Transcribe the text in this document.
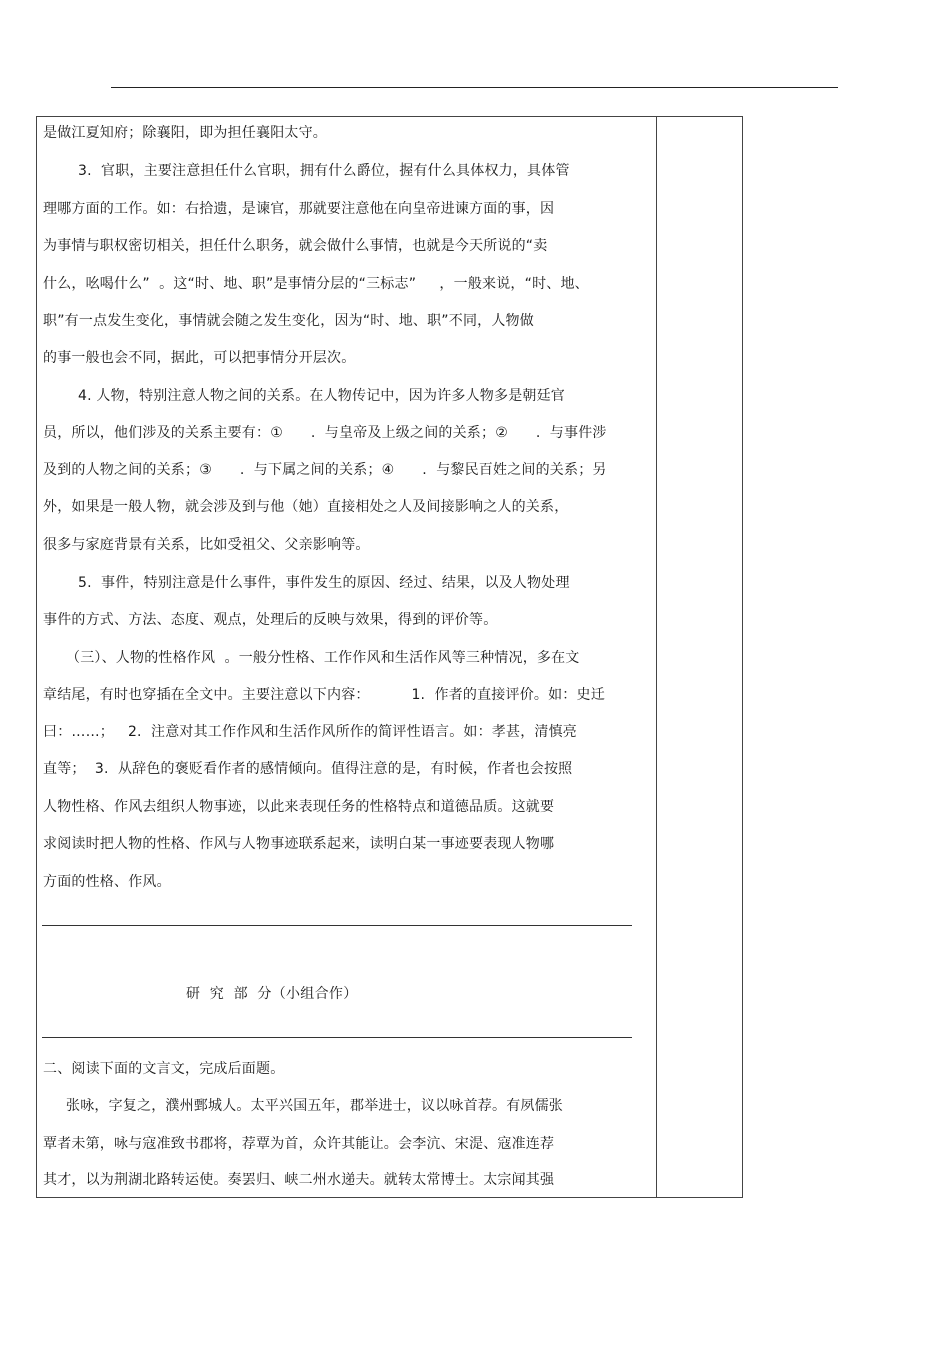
是做江夏知府；除襄阳，即为担任襄阳太守。
3.  官职，主要注意担任什么官职，拥有什么爵位，握有什么具体权力，具体管
理哪方面的工作。如：右拾遗，是谏官，那就要注意他在向皇帝进谏方面的事，因
为事情与职权密切相关，担任什么职务，就会做什么事情，也就是今天所说的“卖
什么，吆喝什么”  。这“时、地、职”是事情分层的“三标志”     ，一般来说，“时、地、
职”有一点发生变化，事情就会随之发生变化，因为“时、地、职”不同，人物做
的事一般也会不同，据此，可以把事情分开层次。
4. 人物，特别注意人物之间的关系。在人物传记中，因为许多人物多是朝廷官
员，所以，他们涉及的关系主要有：①      .  与皇帝及上级之间的关系；②      .  与事件涉
及到的人物之间的关系；③      .  与下属之间的关系；④      .  与黎民百姓之间的关系；另
外，如果是一般人物，就会涉及到与他（她）直接相处之人及间接影响之人的关系，
很多与家庭背景有关系，比如受祖父、父亲影响等。
5.  事件，特别注意是什么事件，事件发生的原因、经过、结果，以及人物处理
事件的方式、方法、态度、观点，处理后的反映与效果，得到的评价等。
（三）、人物的性格作风  。一般分性格、工作作风和生活作风等三种情况，多在文
章结尾，有时也穿插在全文中。主要注意以下内容：         1.  作者的直接评价。如：史迁
曰：……；   2.  注意对其工作作风和生活作风所作的简评性语言。如：孝甚，清慎亮
直等；  3.  从辞色的褒贬看作者的感情倾向。值得注意的是，有时候，作者也会按照
人物性格、作风去组织人物事迹，以此来表现任务的性格特点和道德品质。这就要
求阅读时把人物的性格、作风与人物事迹联系起来，读明白某一事迹要表现人物哪
方面的性格、作风。
研  究  部  分（小组合作）
二、阅读下面的文言文，完成后面题。
张咏，字复之，濮州鄄城人。太平兴国五年，郡举进士，议以咏首荐。有夙儒张
覃者未第，咏与寇准致书郡将，荐覃为首，众许其能让。会李沆、宋湜、寇准连荐
其才，以为荆湖北路转运使。奏罢归、峡二州水递夫。就转太常博士。太宗闻其强
